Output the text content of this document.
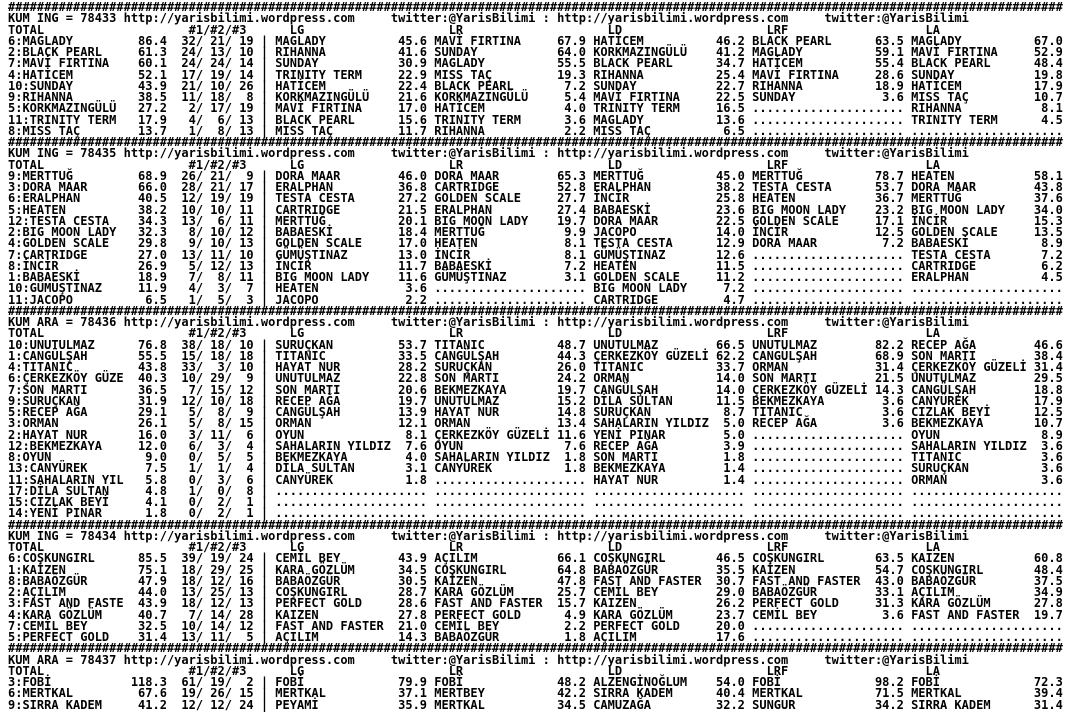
##################################################################################################################################################
KUM ING = 78433 http://yarisbilimi.wordpress.com     twitter:@YarisBilimi : http://yarisbilimi.wordpress.com     twitter:@YarisBilimi
TOTAL                    #1/#2/#3      LG                    LR                    LD                    LRF                   LA
6:MAGLADY         86.4  32/ 21/ 19 | MAGLADY          45.6 MAVİ FIRTINA     67.9 HATİCEM          46.2 BLACK PEARL      63.5 MAGLADY          67.0
2:BLACK PEARL     61.3  24/ 13/ 10 | RIHANNA          41.6 SUNDAY           64.0 KORKMAZINGÜLÜ    41.2 MAGLADY          59.1 MAVİ FIRTINA     52.9
7:MAVİ FIRTINA    60.1  24/ 24/ 14 | SUNDAY           30.9 MAGLADY          55.5 BLACK PEARL      34.7 HATİCEM          55.4 BLACK PEARL      48.4
4:HATİCEM         52.1  17/ 19/ 14 | TRINITY TERM     22.9 MISS TAÇ         19.3 RIHANNA          25.4 MAVİ FIRTINA     28.6 SUNDAY           19.8
10:SUNDAY         43.9  21/ 10/ 26 | HATİCEM          22.4 BLACK PEARL       7.2 SUNDAY           22.7 RIHANNA          18.9 HATİCEM          17.9
9:RIHANNA         38.5  11/ 18/  8 | KORKMAZINGÜLÜ    21.6 KORKMAZINGÜLÜ     5.4 MAVİ FIRTINA     22.5 SUNDAY            3.6 MISS TAÇ         10.7
5:KORKMAZINGÜLÜ   27.2   2/ 17/ 19 | MAVİ FIRTINA     17.0 HATİCEM           4.0 TRINITY TERM     16.5 ..................... RIHANNA           8.1
11:TRINITY TERM   17.9   4/  6/ 13 | BLACK PEARL      15.6 TRINITY TERM      3.6 MAGLADY          13.6 ..................... TRINITY TERM      4.5
8:MISS TAÇ        13.7   1/  8/ 13 | MISS TAÇ         11.7 RIHANNA           2.2 MISS TAÇ          6.5 ..................... .....................
##################################################################################################################################################
KUM ING = 78435 http://yarisbilimi.wordpress.com     twitter:@YarisBilimi : http://yarisbilimi.wordpress.com     twitter:@YarisBilimi
TOTAL                    #1/#2/#3      LG                    LR                    LD                    LRF                   LA
9:MERTTUĞ         68.9  26/ 21/  9 | DORA MAAR        46.0 DORA MAAR        65.3 MERTTUĞ          45.0 MERTTUĞ          78.7 HEATEN           58.1
3:DORA MAAR       66.0  28/ 21/ 17 | ERALPHAN         36.8 CARTRIDGE        52.8 ERALPHAN         38.2 TESTA CESTA      53.7 DORA MAAR        43.8
6:ERALPHAN        40.5  12/ 19/ 19 | TESTA CESTA      27.2 GOLDEN SCALE     27.7 İNCİR            25.8 HEATEN           36.7 MERTTUĞ          37.6
5:HEATEN          38.2  10/ 10/ 11 | CARTRIDGE        21.5 ERALPHAN         27.4 BABAESKİ         23.6 BIG MOON LADY    23.2 BIG MOON LADY    34.0
12:TESTA CESTA    34.3  13/  6/ 11 | MERTTUĞ          20.1 BIG MOON LADY    19.7 DORA MAAR        22.5 GOLDEN SCALE     17.1 İNCİR            15.3
2:BIG MOON LADY   32.3   8/ 10/ 12 | BABAESKİ         18.4 MERTTUĞ           9.9 JACOPO           14.0 İNCİR            12.5 GOLDEN SCALE     13.5
4:GOLDEN SCALE    29.8   9/ 10/ 13 | GOLDEN SCALE     17.0 HEATEN            8.1 TESTA CESTA      12.9 DORA MAAR         7.2 BABAESKİ          8.9
7:CARTRIDGE       27.0  13/ 11/ 10 | GÜMÜŞTINAZ       13.0 İNCİR             8.1 GÜMÜŞTINAZ       12.6 ..................... TESTA CESTA       7.2
8:İNCİR           26.9   5/ 12/ 13 | İNCİR            11.7 BABAESKİ          7.2 HEATEN           11.5 ..................... CARTRIDGE         6.2
1:BABAESKİ        18.9   7/  8/ 11 | BIG MOON LADY    11.6 GÜMÜŞTINAZ        3.1 GOLDEN SCALE     11.2 ..................... ERALPHAN          4.5
10:GÜMÜŞTINAZ     11.9   4/  3/  7 | HEATEN            3.6 ..................... BIG MOON LADY     7.2 ..................... .....................
11:JACOPO          6.5   1/  5/  3 | JACOPO            2.2 ..................... CARTRIDGE         4.7 ..................... .....................
##################################################################################################################################################
KUM ARA = 78436 http://yarisbilimi.wordpress.com     twitter:@YarisBilimi : http://yarisbilimi.wordpress.com     twitter:@YarisBilimi
TOTAL                    #1/#2/#3      LG                    LR                    LD                    LRF                   LA
10:UNUTULMAZ      76.8  38/ 18/ 10 | SURUÇKAN         53.7 TITANIC          48.7 UNUTULMAZ        66.5 UNUTULMAZ        82.2 RECEP AĞA        46.6
1:CANGÜLŞAH       55.5  15/ 18/ 18 | TITANIC          33.5 CANGÜLŞAH        44.3 ÇERKEZKÖY GÜZELİ 62.2 CANGÜLŞAH        68.9 SON MARTI        38.4
4:TITANIC         43.8  33/  3/ 10 | HAYAT NUR        28.2 SURUÇKAN         26.0 TITANIC          33.7 ORMAN            31.4 ÇERKEZKÖY GÜZELİ 31.4
6:ÇERKEZKÖY GÜZE  40.3  10/ 29/  9 | UNUTULMAZ        22.8 SON MARTI        24.2 ORMAN            14.0 SON MARTI        21.5 UNUTULMAZ        29.5
7:SON MARTI       36.5   7/ 15/ 12 | SON MARTI        20.6 BEKMEZKAYA       19.7 CANGÜLŞAH        14.0 ÇERKEZKÖY GÜZELİ 14.3 CANGÜLŞAH        18.8
9:SURUÇKAN        31.9  12/ 10/ 18 | RECEP AĞA        19.7 UNUTULMAZ        15.2 DİLA SULTAN      11.5 BEKMEZKAYA        3.6 CANYÜREK         17.9
5:RECEP AĞA       29.1   5/  8/  9 | CANGÜLŞAH        13.9 HAYAT NUR        14.8 SURUÇKAN          8.7 TITANIC           3.6 CIZLAK BEYİ      12.5
3:ORMAN           26.1   5/  8/ 15 | ORMAN            12.1 ORMAN            13.4 SAHALARIN YILDIZ  5.0 RECEP AĞA         3.6 BEKMEZKAYA       10.7
2:HAYAT NUR       16.0   3/ 11/  6 | OYUN              8.1 ÇERKEZKÖY GÜZELİ 11.6 YENİ PINAR        5.0 ..................... OYUN              8.9
12:BEKMEZKAYA     12.0   6/  3/  4 | SAHALARIN YILDIZ  7.6 OYUN              7.6 RECEP AĞA         3.9 ..................... SAHALARIN YILDIZ  3.6
8:OYUN             9.0   0/  5/  5 | BEKMEZKAYA        4.0 SAHALARIN YILDIZ  1.8 SON MARTI         1.8 ..................... TITANIC           3.6
13:CANYÜREK        7.5   1/  1/  4 | DİLA SULTAN       3.1 CANYÜREK          1.8 BEKMEZKAYA        1.4 ..................... SURUÇKAN          3.6
11:SAHALARIN YIL   5.8   0/  3/  6 | CANYÜREK          1.8 ..................... HAYAT NUR         1.4 ..................... ORMAN             3.6
17:DİLA SULTAN     4.8   1/  0/  8 | ..................... ..................... ..................... ..................... .....................
15:CIZLAK BEYİ     4.1   0/  2/  1 | ..................... ..................... ..................... ..................... .....................
14:YENİ PINAR      1.8   0/  2/  1 | ..................... ..................... ..................... ..................... .....................
##################################################################################################################################################
KUM ING = 78434 http://yarisbilimi.wordpress.com     twitter:@YarisBilimi : http://yarisbilimi.wordpress.com     twitter:@YarisBilimi
TOTAL                    #1/#2/#3      LG                    LR                    LD                    LRF                   LA
6:COŞKUNGIRL      85.5  39/ 19/ 24 | CEMİL BEY        43.9 AÇILIM           66.1 COŞKUNGIRL       46.5 COŞKUNGIRL       63.5 KAIZEN           60.8
1:KAİZEN          75.1  18/ 29/ 25 | KARA GÖZLÜM      34.5 COŞKUNGIRL       64.8 BABAÖZGÜR        35.5 KAİZEN           54.7 COŞKUNGIRL       48.4
8:BABAÖZGÜR       47.9  18/ 12/ 16 | BABAÖZGÜR        30.5 KAİZEN           47.8 FAST AND FASTER  30.7 FAST AND FASTER  43.0 BABAÖZGÜR        37.5
2:AÇILIM          44.0  13/ 25/ 13 | COŞKUNGIRL       28.7 KARA GÖZLÜM      25.7 CEMİL BEY        29.0 BABAÖZGÜR        33.1 AÇILIM           34.9
3:FAST AND FASTE  43.9  18/ 12/ 13 | PERFECT GOLD     28.6 FAST AND FASTER  15.7 KAIZEN           26.2 PERFECT GOLD     31.3 KARA GÖZLÜM      27.8
4:KARA GÖZLÜM     40.7   7/ 14/ 28 | KAIZEN           27.8 PERFECT GOLD      4.9 KARA GÖZLÜM      23.7 CEMİL BEY         3.6 FAST AND FASTER  19.7
7:CEMİL BEY       32.5  10/ 14/ 12 | FAST AND FASTER  21.0 CEMİL BEY         2.2 PERFECT GOLD     20.0 ..................... .....................
5:PERFECT GOLD    31.4  13/ 11/  5 | AÇILIM           14.3 BABAÖZGÜR         1.8 AÇILIM           17.6 ..................... .....................
##################################################################################################################################################
KUM ARA = 78437 http://yarisbilimi.wordpress.com     twitter:@YarisBilimi : http://yarisbilimi.wordpress.com     twitter:@YarisBilimi
TOTAL                    #1/#2/#3      LG                    LR                    LD                    LRF                   LA
3:FOBİ           118.3  61/ 19/  2 | FOBİ             79.9 FOBİ             48.2 ALZENGİNOĞLUM    54.0 FOBİ             98.2 FOBİ             72.3
6:MERTKAL         67.6  19/ 26/ 15 | MERTKAL          37.1 MERTBEY          42.2 SIRRA KADEM      40.4 MERTKAL          71.5 MERTKAL          39.4
9:SIRRA KADEM     41.2  12/ 12/ 24 | PEYAMİ           35.9 MERTKAL          34.5 CAMUZAĞA         32.2 SUNGUR           34.2 SIRRA KADEM      31.4
